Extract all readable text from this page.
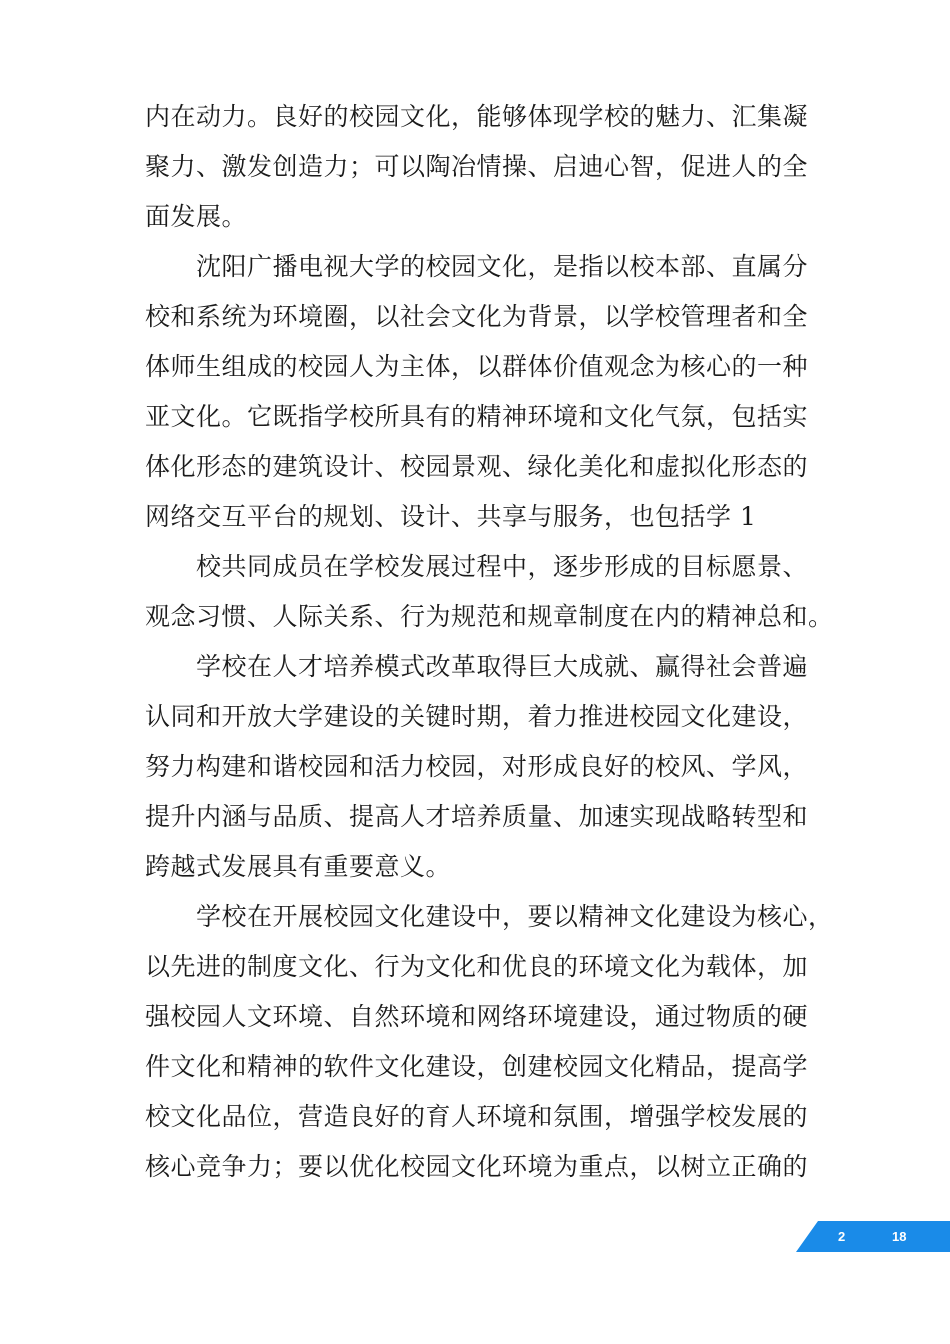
内在动力。良好的校园文化，能够体现学校的魅力、汇集凝
聚力、激发创造力；可以陶冶情操、启迪心智，促进人的全
面发展。
沈阳广播电视大学的校园文化，是指以校本部、直属分
校和系统为环境圈，以社会文化为背景，以学校管理者和全
体师生组成的校园人为主体，以群体价值观念为核心的一种
亚文化。它既指学校所具有的精神环境和文化气氛，包括实
体化形态的建筑设计、校园景观、绿化美化和虚拟化形态的
网络交互平台的规划、设计、共享与服务，也包括学 1
校共同成员在学校发展过程中，逐步形成的目标愿景、
观念习惯、人际关系、行为规范和规章制度在内的精神总和。
学校在人才培养模式改革取得巨大成就、赢得社会普遍
认同和开放大学建设的关键时期，着力推进校园文化建设，
努力构建和谐校园和活力校园，对形成良好的校风、学风，
提升内涵与品质、提高人才培养质量、加速实现战略转型和
跨越式发展具有重要意义。
学校在开展校园文化建设中，要以精神文化建设为核心，
以先进的制度文化、行为文化和优良的环境文化为载体，加
强校园人文环境、自然环境和网络环境建设，通过物质的硬
件文化和精神的软件文化建设，创建校园文化精品，提高学
校文化品位，营造良好的育人环境和氛围，增强学校发展的
核心竞争力；要以优化校园文化环境为重点，以树立正确的
2	18
